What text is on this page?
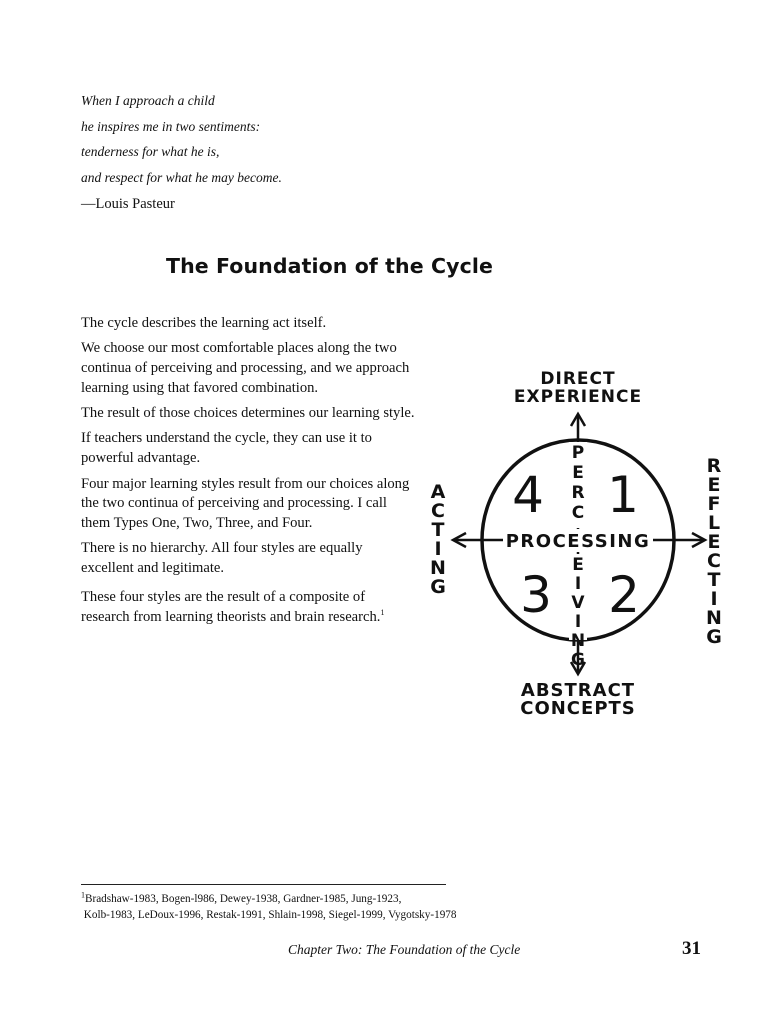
When I approach a child

he inspires me in two sentiments:

tenderness for what he is,

and respect for what he may become.

—Louis Pasteur

The Foundation of the Cycle

The cycle describes the learning act itself.

We choose our most comfortable places along the two continua of perceiving and processing, and we approach learning using that favored combination.

The result of those choices determines our learning style.

If teachers understand the cycle, they can use it to powerful advantage.

Four major learning styles result from our choices along the two continua of perceiving and processing. I call them Types One, Two, Three, and Four.

There is no hierarchy. All four styles are equally excellent and legitimate.

These four styles are the result of a composite of research from learning theorists and brain research.$^1$

DIRECT
EXPERIENCE
PROCESSING
P
E
R
C
E
I
V
I
N
G
4 1
3 2
A
C
T
I
N
G
R
E
F
L
E
C
T
I
N
G
ABSTRACT
CONCEPTS

$^1$Bradshaw-1983, Bogen-l986, Dewey-1938, Gardner-1985, Jung-1923,
Kolb-1983, LeDoux-1996, Restak-1991, Shlain-1998, Siegel-1999, Vygotsky-1978

Chapter Two: The Foundation of the Cycle	31
